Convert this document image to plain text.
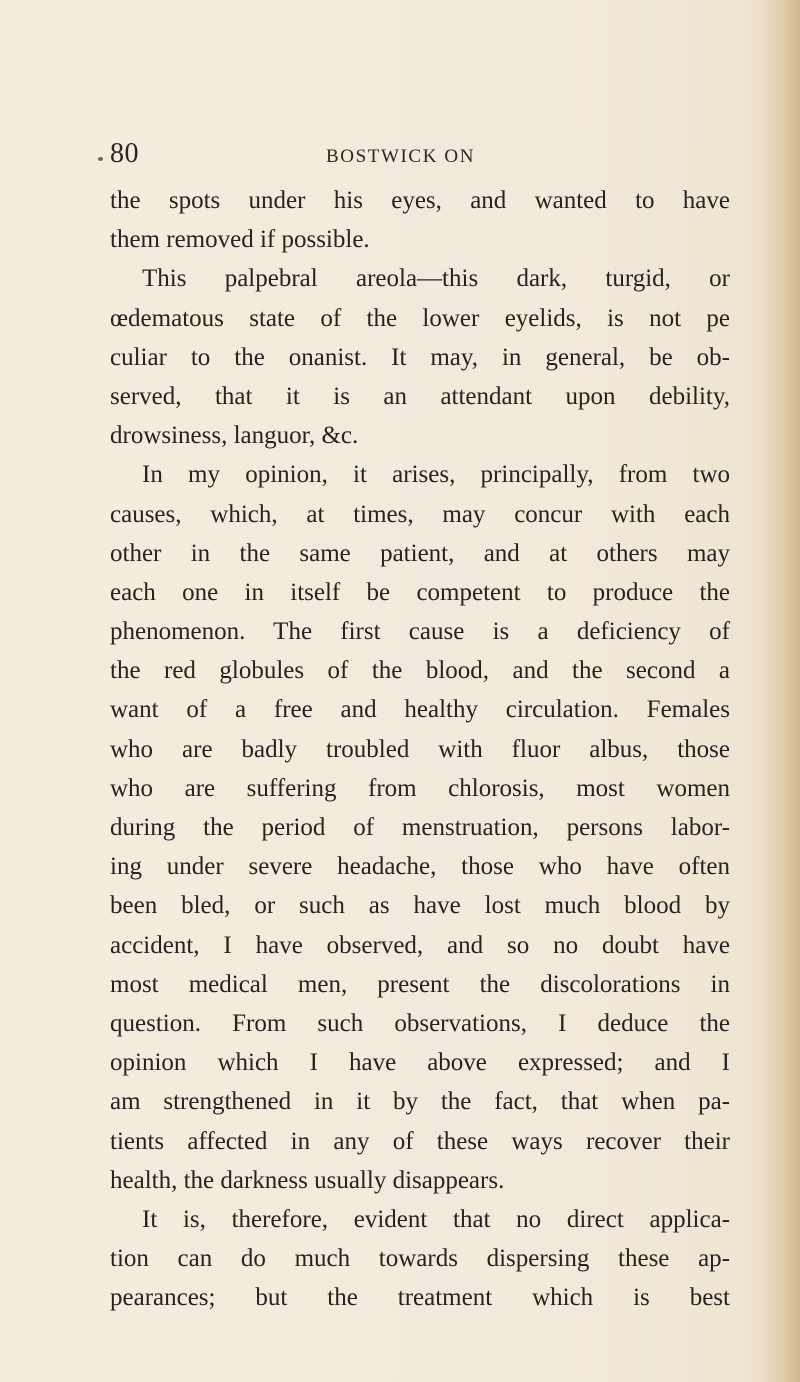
80	BOSTWICK ON
the spots under his eyes, and wanted to have
them removed if possible.
This palpebral areola—this dark, turgid, or
œdematous state of the lower eyelids, is not pe
culiar to the onanist. It may, in general, be ob-
served, that it is an attendant upon debility,
drowsiness, languor, &c.
In my opinion, it arises, principally, from two
causes, which, at times, may concur with each
other in the same patient, and at others may
each one in itself be competent to produce the
phenomenon. The first cause is a deficiency of
the red globules of the blood, and the second a
want of a free and healthy circulation. Females
who are badly troubled with fluor albus, those
who are suffering from chlorosis, most women
during the period of menstruation, persons labor-
ing under severe headache, those who have often
been bled, or such as have lost much blood by
accident, I have observed, and so no doubt have
most medical men, present the discolorations in
question. From such observations, I deduce the
opinion which I have above expressed; and I
am strengthened in it by the fact, that when pa-
tients affected in any of these ways recover their
health, the darkness usually disappears.
It is, therefore, evident that no direct applica-
tion can do much towards dispersing these ap-
pearances; but the treatment which is best
